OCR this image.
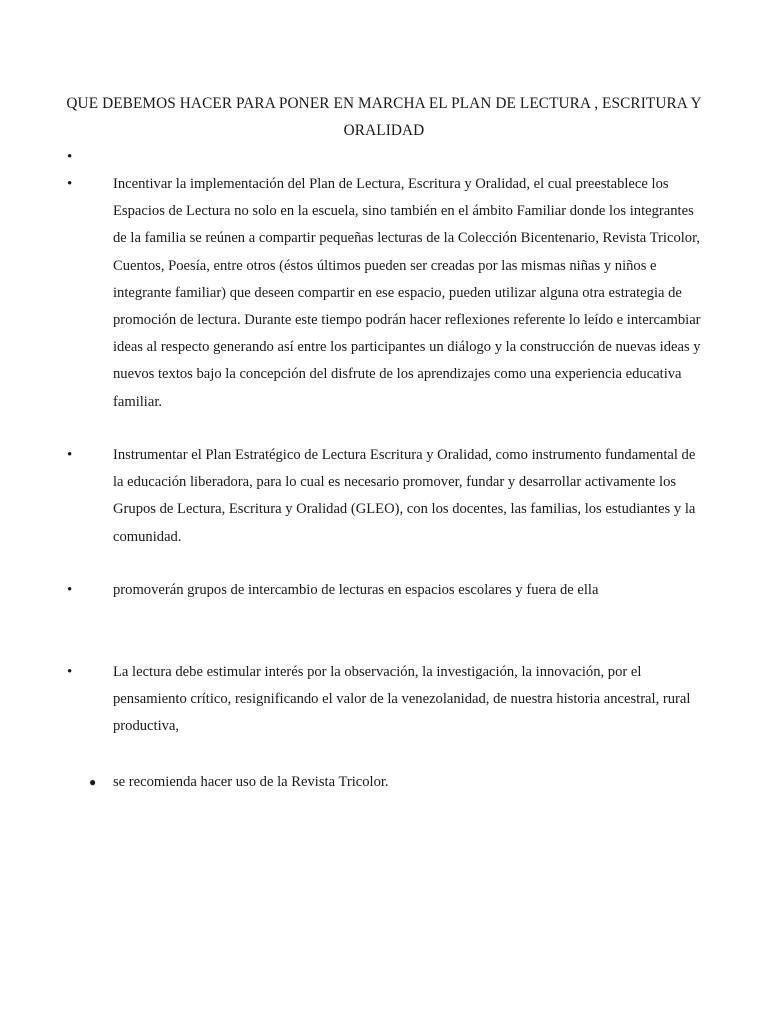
QUE DEBEMOS HACER PARA PONER EN MARCHA EL PLAN DE LECTURA , ESCRITURA Y ORALIDAD
•
•	Incentivar la implementación del Plan de Lectura, Escritura y Oralidad, el cual preestablece los Espacios de Lectura no solo en la escuela, sino también en el ámbito Familiar donde los integrantes de la familia se reúnen a compartir pequeñas lecturas de la Colección Bicentenario, Revista Tricolor, Cuentos, Poesía, entre otros (éstos últimos pueden ser creadas por las mismas niñas y niños e integrante familiar) que deseen compartir en ese espacio, pueden utilizar alguna otra estrategia de promoción de lectura. Durante este tiempo podrán hacer reflexiones referente lo leído e intercambiar ideas al respecto generando así entre los participantes un diálogo y la construcción de nuevas ideas y nuevos textos bajo la concepción del disfrute de los aprendizajes como una experiencia educativa familiar.
•	Instrumentar el Plan Estratégico de Lectura Escritura y Oralidad, como instrumento fundamental de la educación liberadora, para lo cual es necesario promover, fundar y desarrollar activamente los Grupos de Lectura, Escritura y Oralidad (GLEO), con los docentes, las familias, los estudiantes y la comunidad.
•	promoverán grupos de intercambio de lecturas en espacios escolares y fuera de ella
•	La lectura debe estimular interés por la observación, la investigación, la innovación, por el pensamiento crítico, resignificando el valor de la venezolanidad, de nuestra historia ancestral, rural productiva,
● se recomienda hacer uso de la Revista Tricolor.
